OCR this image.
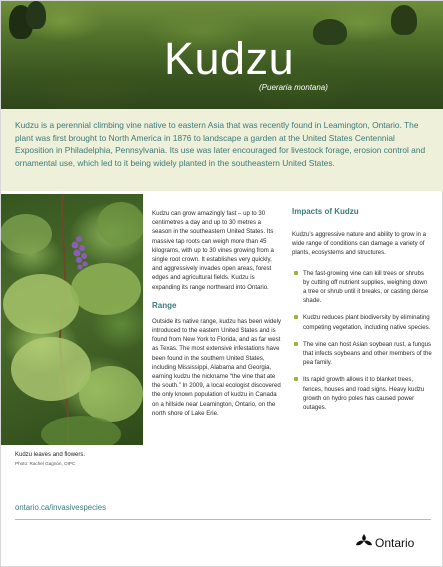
Kudzu
(Pueraria montana)

Kudzu is a perennial climbing vine native to eastern Asia that was recently found in Leamington, Ontario. The plant was first brought to North America in 1876 to landscape a garden at the United States Centennial Exposition in Philadelphia, Pennsylvania. Its use was later encouraged for livestock forage, erosion control and ornamental use, which led to it being widely planted in the southeastern United States.

Kudzu leaves and flowers.
Photo: Rachel Gagnon, OIPC

Kudzu can grow amazingly fast – up to 30 centimetres a day and up to 30 metres a season in the southeastern United States. Its massive tap roots can weigh more than 45 kilograms, with up to 30 vines growing from a single root crown. It establishes very quickly, and aggressively invades open areas, forest edges and agricultural fields. Kudzu is expanding its range northward into Ontario.

Range

Outside its native range, kudzu has been widely introduced to the eastern United States and is found from New York to Florida, and as far west as Texas. The most extensive infestations have been found in the southern United States, including Mississippi, Alabama and Georgia, earning kudzu the nickname “the vine that ate the south.” In 2009, a local ecologist discovered the only known population of kudzu in Canada on a hillside near Leamington, Ontario, on the north shore of Lake Erie.

Impacts of Kudzu

Kudzu’s aggressive nature and ability to grow in a wide range of conditions can damage a variety of plants, ecosystems and structures.

The fast-growing vine can kill trees or shrubs by cutting off nutrient supplies, weighing down a tree or shrub until it breaks, or casting dense shade.
Kudzu reduces plant biodiversity by eliminating competing vegetation, including native species.
The vine can host Asian soybean rust, a fungus that infects soybeans and other members of the pea family.
Its rapid growth allows it to blanket trees, fences, houses and road signs. Heavy kudzu growth on hydro poles has caused power outages.
ontario.ca/invasivespecies
Ontario
